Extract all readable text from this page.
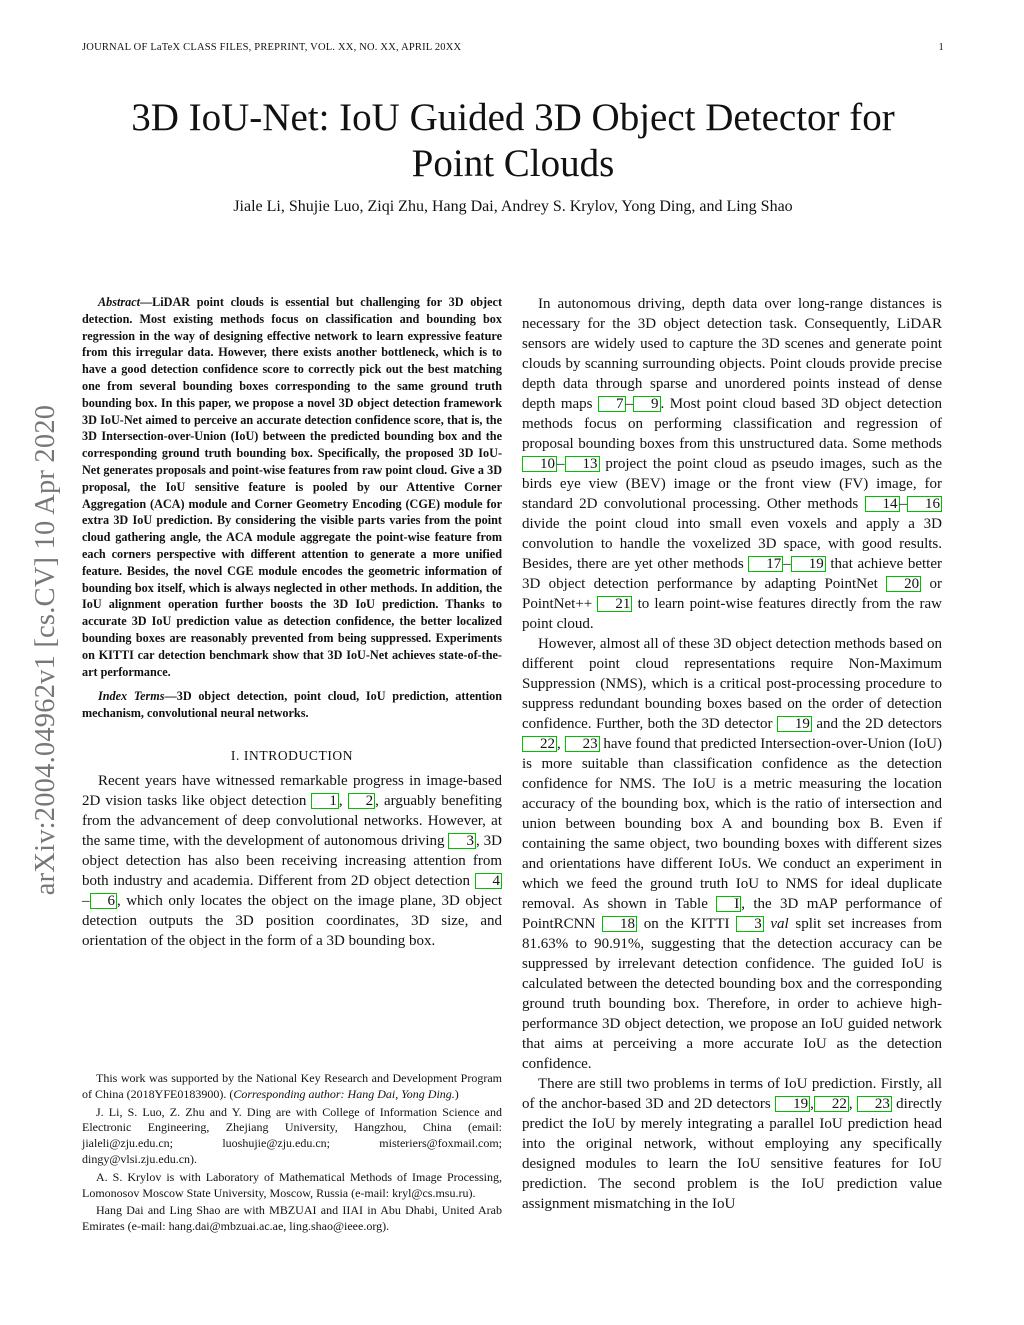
JOURNAL OF LaTeX CLASS FILES, PREPRINT, VOL. XX, NO. XX, APRIL 20XX	1
arXiv:2004.04962v1 [cs.CV] 10 Apr 2020
3D IoU-Net: IoU Guided 3D Object Detector for
Point Clouds
Jiale Li, Shujie Luo, Ziqi Zhu, Hang Dai, Andrey S. Krylov, Yong Ding, and Ling Shao

Abstract—LiDAR point clouds is essential but challenging for 3D object detection. Most existing methods focus on classification and bounding box regression in the way of designing effective network to learn expressive feature from this irregular data. However, there exists another bottleneck, which is to have a good detection confidence score to correctly pick out the best matching one from several bounding boxes corresponding to the same ground truth bounding box. In this paper, we propose a novel 3D object detection framework 3D IoU-Net aimed to perceive an accurate detection confidence score, that is, the 3D Intersection-over-Union (IoU) between the predicted bounding box and the corresponding ground truth bounding box. Specifically, the proposed 3D IoU-Net generates proposals and point-wise features from raw point cloud. Give a 3D proposal, the IoU sensitive feature is pooled by our Attentive Corner Aggregation (ACA) module and Corner Geometry Encoding (CGE) module for extra 3D IoU prediction. By considering the visible parts varies from the point cloud gathering angle, the ACA module aggregate the point-wise feature from each corners perspective with different attention to generate a more unified feature. Besides, the novel CGE module encodes the geometric information of bounding box itself, which is always neglected in other methods. In addition, the IoU alignment operation further boosts the 3D IoU prediction. Thanks to accurate 3D IoU prediction value as detection confidence, the better localized bounding boxes are reasonably prevented from being suppressed. Experiments on KITTI car detection benchmark show that 3D IoU-Net achieves state-of-the-art performance.

Index Terms—3D object detection, point cloud, IoU prediction, attention mechanism, convolutional neural networks.

I. INTRODUCTION

Recent years have witnessed remarkable progress in image-based 2D vision tasks like object detection 1 , 2 , arguably benefiting from the advancement of deep convolutional networks. However, at the same time, with the development of autonomous driving 3 , 3D object detection has also been receiving increasing attention from both industry and academia. Different from 2D object detection 4– 6 , which only locates the object on the image plane, 3D object detection outputs the 3D position coordinates, 3D size, and orientation of the object in the form of a 3D bounding box.

This work was supported by the National Key Research and Development Program of China (2018YFE0183900). (Corresponding author: Hang Dai, Yong Ding.)

J. Li, S. Luo, Z. Zhu and Y. Ding are with College of Information Science and Electronic Engineering, Zhejiang University, Hangzhou, China (email: jialeli@zju.edu.cn; luoshujie@zju.edu.cn; misteriers@foxmail.com; dingy@vlsi.zju.edu.cn).

A. S. Krylov is with Laboratory of Mathematical Methods of Image Processing, Lomonosov Moscow State University, Moscow, Russia (e-mail: kryl@cs.msu.ru).

Hang Dai and Ling Shao are with MBZUAI and IIAI in Abu Dhabi, United Arab Emirates (e-mail: hang.dai@mbzuai.ac.ae, ling.shao@ieee.org).

In autonomous driving, depth data over long-range distances is necessary for the 3D object detection task. Consequently, LiDAR sensors are widely used to capture the 3D scenes and generate point clouds by scanning surrounding objects. Point clouds provide precise depth data through sparse and unordered points instead of dense depth maps 7 – 9 . Most point cloud based 3D object detection methods focus on performing classification and regression of proposal bounding boxes from this unstructured data. Some methods 10 – 13 project the point cloud as pseudo images, such as the birds eye view (BEV) image or the front view (FV) image, for standard 2D convolutional processing. Other methods 14 – 16 divide the point cloud into small even voxels and apply a 3D convolution to handle the voxelized 3D space, with good results. Besides, there are yet other methods 17 – 19 that achieve better 3D object detection performance by adapting PointNet 20 or PointNet++ 21 to learn point-wise features directly from the raw point cloud.

However, almost all of these 3D object detection methods based on different point cloud representations require Non-Maximum Suppression (NMS), which is a critical post-processing procedure to suppress redundant bounding boxes based on the order of detection confidence. Further, both the 3D detector 19 and the 2D detectors 22 , 23 have found that predicted Intersection-over-Union (IoU) is more suitable than classification confidence as the detection confidence for NMS. The IoU is a metric measuring the location accuracy of the bounding box, which is the ratio of intersection and union between bounding box A and bounding box B. Even if containing the same object, two bounding boxes with different sizes and orientations have different IoUs. We conduct an experiment in which we feed the ground truth IoU to NMS for ideal duplicate removal. As shown in Table I , the 3D mAP performance of PointRCNN 18 on the KITTI 3 val split set increases from 81.63% to 90.91%, suggesting that the detection accuracy can be suppressed by irrelevant detection confidence. The guided IoU is calculated between the detected bounding box and the corresponding ground truth bounding box. Therefore, in order to achieve high-performance 3D object detection, we propose an IoU guided network that aims at perceiving a more accurate IoU as the detection confidence.

There are still two problems in terms of IoU prediction. Firstly, all of the anchor-based 3D and 2D detectors 19 , 22 , 23 directly predict the IoU by merely integrating a parallel IoU prediction head into the original network, without employing any specifically designed modules to learn the IoU sensitive features for IoU prediction. The second problem is the IoU prediction value assignment mismatching in the IoU
